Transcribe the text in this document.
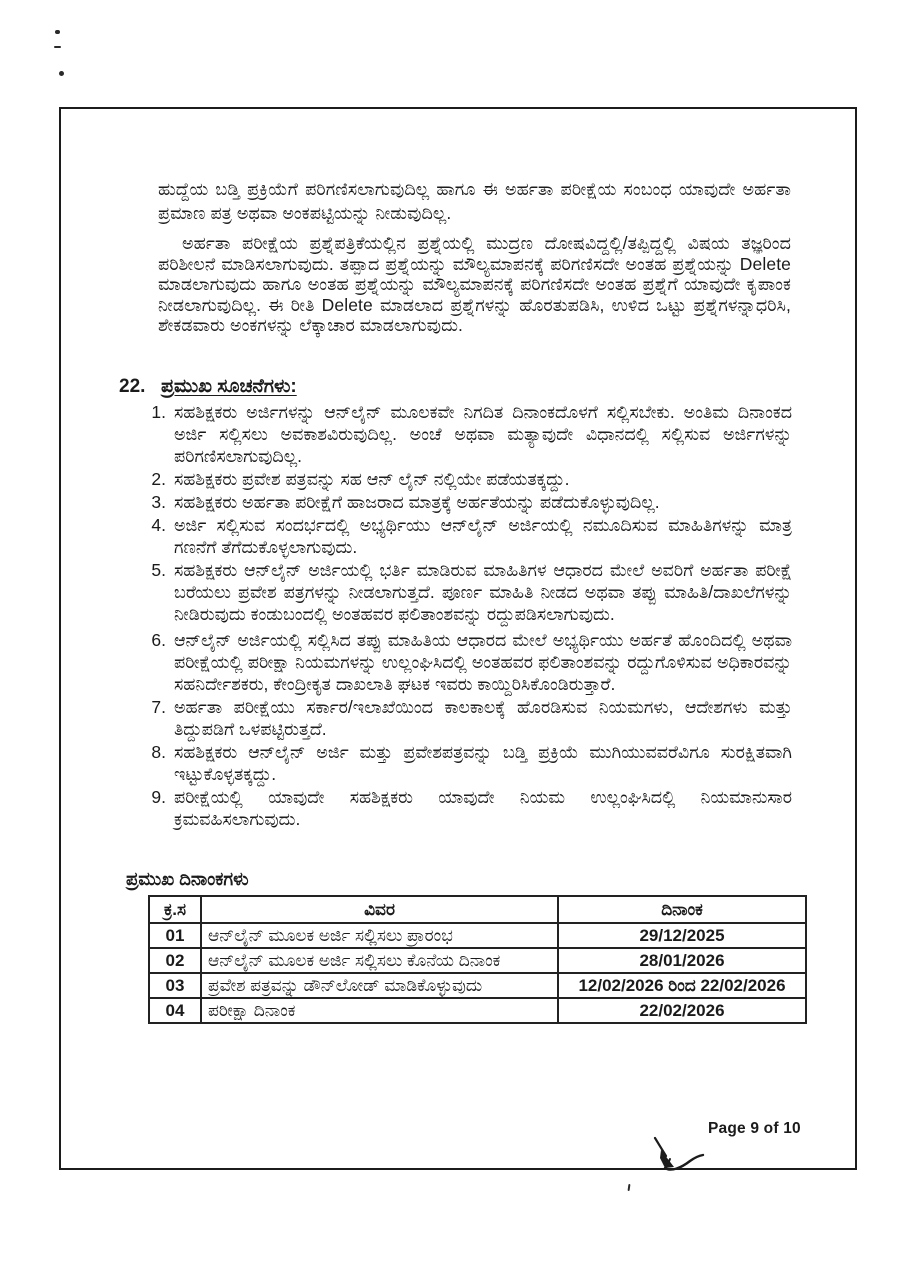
ಹುದ್ದೆಯ ಬಡ್ತಿ ಪ್ರಕ್ರಿಯೆಗೆ ಪರಿಗಣಿಸಲಾಗುವುದಿಲ್ಲ ಹಾಗೂ ಈ ಅರ್ಹತಾ ಪರೀಕ್ಷೆಯ ಸಂಬಂಧ ಯಾವುದೇ ಅರ್ಹತಾ ಪ್ರಮಾಣ ಪತ್ರ ಅಥವಾ ಅಂಕಪಟ್ಟಿಯನ್ನು ನೀಡುವುದಿಲ್ಲ.
ಅರ್ಹತಾ ಪರೀಕ್ಷೆಯ ಪ್ರಶ್ನೆಪತ್ರಿಕೆಯಲ್ಲಿನ ಪ್ರಶ್ನೆಯಲ್ಲಿ ಮುದ್ರಣ ದೋಷವಿದ್ದಲ್ಲಿ/ತಪ್ಪಿದ್ದಲ್ಲಿ ವಿಷಯ ತಜ್ಞರಿಂದ ಪರಿಶೀಲನೆ ಮಾಡಿಸಲಾಗುವುದು. ತಪ್ಪಾದ ಪ್ರಶ್ನೆಯನ್ನು ಮೌಲ್ಯಮಾಪನಕ್ಕೆ ಪರಿಗಣಿಸದೇ ಅಂತಹ ಪ್ರಶ್ನೆಯನ್ನು Delete ಮಾಡಲಾಗುವುದು ಹಾಗೂ ಅಂತಹ ಪ್ರಶ್ನೆಯನ್ನು ಮೌಲ್ಯಮಾಪನಕ್ಕೆ ಪರಿಗಣಿಸದೇ ಅಂತಹ ಪ್ರಶ್ನೆಗೆ ಯಾವುದೇ ಕೃಪಾಂಕ ನೀಡಲಾಗುವುದಿಲ್ಲ. ಈ ರೀತಿ Delete ಮಾಡಲಾದ ಪ್ರಶ್ನೆಗಳನ್ನು ಹೊರತುಪಡಿಸಿ, ಉಳಿದ ಒಟ್ಟು ಪ್ರಶ್ನೆಗಳನ್ನಾಧರಿಸಿ, ಶೇಕಡವಾರು ಅಂಕಗಳನ್ನು ಲೆಕ್ಕಾಚಾರ ಮಾಡಲಾಗುವುದು.
22. ಪ್ರಮುಖ ಸೂಚನೆಗಳು:
1. ಸಹಶಿಕ್ಷಕರು ಅರ್ಜಿಗಳನ್ನು ಆನ್‌ಲೈನ್ ಮೂಲಕವೇ ನಿಗದಿತ ದಿನಾಂಕದೊಳಗೆ ಸಲ್ಲಿಸಬೇಕು. ಅಂತಿಮ ದಿನಾಂಕದ ಅರ್ಜಿ ಸಲ್ಲಿಸಲು ಅವಕಾಶವಿರುವುದಿಲ್ಲ. ಅಂಚೆ ಅಥವಾ ಮತ್ಯಾವುದೇ ವಿಧಾನದಲ್ಲಿ ಸಲ್ಲಿಸುವ ಅರ್ಜಿಗಳನ್ನು ಪರಿಗಣಿಸಲಾಗುವುದಿಲ್ಲ.
2. ಸಹಶಿಕ್ಷಕರು ಪ್ರವೇಶ ಪತ್ರವನ್ನು ಸಹ ಆನ್ ಲೈನ್ ನಲ್ಲಿಯೇ ಪಡೆಯತಕ್ಕದ್ದು.
3. ಸಹಶಿಕ್ಷಕರು ಅರ್ಹತಾ ಪರೀಕ್ಷೆಗೆ ಹಾಜರಾದ ಮಾತ್ರಕ್ಕೆ ಅರ್ಹತೆಯನ್ನು ಪಡೆದುಕೊಳ್ಳುವುದಿಲ್ಲ.
4. ಅರ್ಜಿ ಸಲ್ಲಿಸುವ ಸಂದರ್ಭದಲ್ಲಿ ಅಭ್ಯರ್ಥಿಯು ಆನ್‌ಲೈನ್ ಅರ್ಜಿಯಲ್ಲಿ ನಮೂದಿಸುವ ಮಾಹಿತಿಗಳನ್ನು ಮಾತ್ರ ಗಣನೆಗೆ ತೆಗೆದುಕೊಳ್ಳಲಾಗುವುದು.
5. ಸಹಶಿಕ್ಷಕರು ಆನ್‌ಲೈನ್ ಅರ್ಜಿಯಲ್ಲಿ ಭರ್ತಿ ಮಾಡಿರುವ ಮಾಹಿತಿಗಳ ಆಧಾರದ ಮೇಲೆ ಅವರಿಗೆ ಅರ್ಹತಾ ಪರೀಕ್ಷೆ ಬರೆಯಲು ಪ್ರವೇಶ ಪತ್ರಗಳನ್ನು ನೀಡಲಾಗುತ್ತದೆ. ಪೂರ್ಣ ಮಾಹಿತಿ ನೀಡದ ಅಥವಾ ತಪ್ಪು ಮಾಹಿತಿ/ದಾಖಲೆಗಳನ್ನು ನೀಡಿರುವುದು ಕಂಡುಬಂದಲ್ಲಿ ಅಂತಹವರ ಫಲಿತಾಂಶವನ್ನು ರದ್ದುಪಡಿಸಲಾಗುವುದು.
6. ಆನ್‌ಲೈನ್ ಅರ್ಜಿಯಲ್ಲಿ ಸಲ್ಲಿಸಿದ ತಪ್ಪು ಮಾಹಿತಿಯ ಆಧಾರದ ಮೇಲೆ ಅಭ್ಯರ್ಥಿಯು ಅರ್ಹತೆ ಹೊಂದಿದಲ್ಲಿ ಅಥವಾ ಪರೀಕ್ಷೆಯಲ್ಲಿ ಪರೀಕ್ಷಾ ನಿಯಮಗಳನ್ನು ಉಲ್ಲಂಘಿಸಿದಲ್ಲಿ ಅಂತಹವರ ಫಲಿತಾಂಶವನ್ನು ರದ್ದುಗೊಳಿಸುವ ಅಧಿಕಾರವನ್ನು ಸಹನಿರ್ದೇಶಕರು, ಕೇಂದ್ರೀಕೃತ ದಾಖಲಾತಿ ಘಟಕ ಇವರು ಕಾಯ್ದಿರಿಸಿಕೊಂಡಿರುತ್ತಾರೆ.
7. ಅರ್ಹತಾ ಪರೀಕ್ಷೆಯು ಸರ್ಕಾರ/ಇಲಾಖೆಯಿಂದ ಕಾಲಕಾಲಕ್ಕೆ ಹೊರಡಿಸುವ ನಿಯಮಗಳು, ಆದೇಶಗಳು ಮತ್ತು ತಿದ್ದುಪಡಿಗೆ ಒಳಪಟ್ಟಿರುತ್ತದೆ.
8. ಸಹಶಿಕ್ಷಕರು ಆನ್‌ಲೈನ್ ಅರ್ಜಿ ಮತ್ತು ಪ್ರವೇಶಪತ್ರವನ್ನು ಬಡ್ತಿ ಪ್ರಕ್ರಿಯೆ ಮುಗಿಯುವವರೆವಿಗೂ ಸುರಕ್ಷಿತವಾಗಿ ಇಟ್ಟುಕೊಳ್ಳತಕ್ಕದ್ದು.
9. ಪರೀಕ್ಷೆಯಲ್ಲಿ ಯಾವುದೇ ಸಹಶಿಕ್ಷಕರು ಯಾವುದೇ ನಿಯಮ ಉಲ್ಲಂಘಿಸಿದಲ್ಲಿ ನಿಯಮಾನುಸಾರ ಕ್ರಮವಹಿಸಲಾಗುವುದು.
ಪ್ರಮುಖ ದಿನಾಂಕಗಳು
ಕ್ರ.ಸ	ವಿವರ	ದಿನಾಂಕ
01	ಆನ್‌ಲೈನ್ ಮೂಲಕ ಅರ್ಜಿ ಸಲ್ಲಿಸಲು ಪ್ರಾರಂಭ	29/12/2025
02	ಆನ್‌ಲೈನ್ ಮೂಲಕ ಅರ್ಜಿ ಸಲ್ಲಿಸಲು ಕೊನೆಯ ದಿನಾಂಕ	28/01/2026
03	ಪ್ರವೇಶ ಪತ್ರವನ್ನು ಡೌನ್‌ಲೋಡ್ ಮಾಡಿಕೊಳ್ಳುವುದು	12/02/2026 ರಿಂದ 22/02/2026
04	ಪರೀಕ್ಷಾ ದಿನಾಂಕ	22/02/2026
Page 9 of 10
